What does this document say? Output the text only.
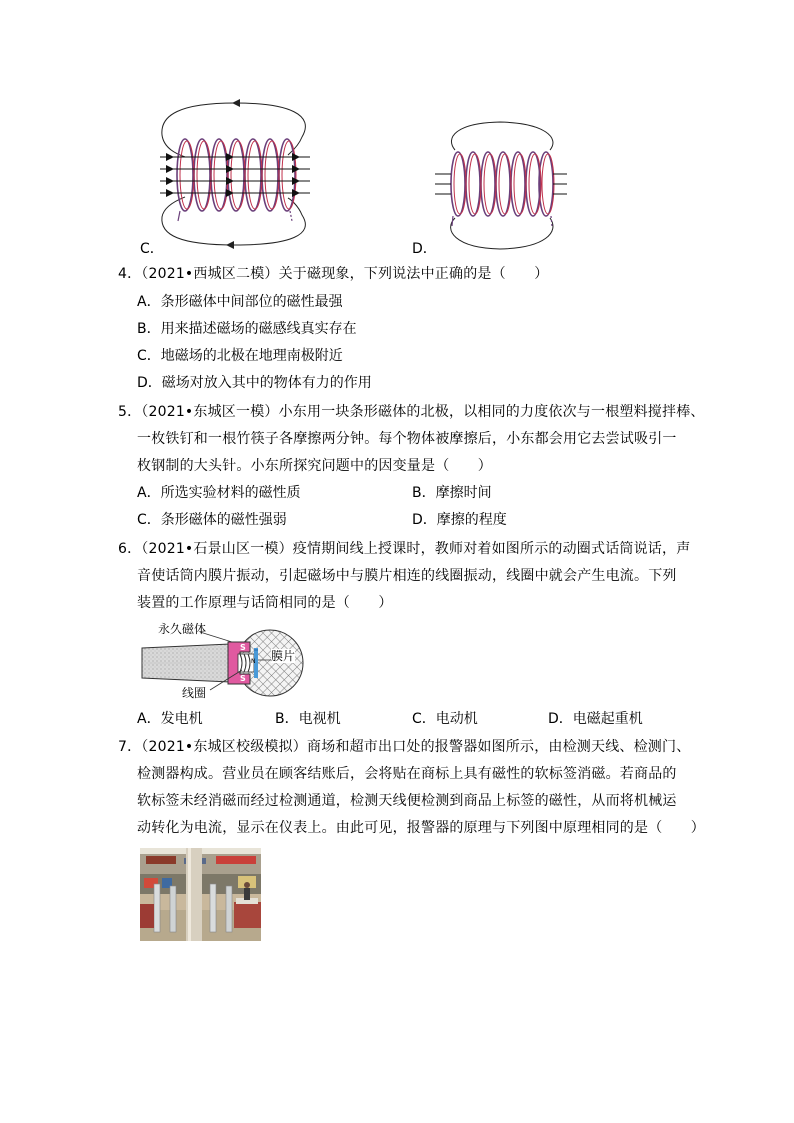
C．	D．
4．（2021•西城区二模）关于磁现象，下列说法中正确的是（　　）
A．条形磁体中间部位的磁性最强
B．用来描述磁场的磁感线真实存在
C．地磁场的北极在地理南极附近
D．磁场对放入其中的物体有力的作用
5．（2021•东城区一模）小东用一块条形磁体的北极，以相同的力度依次与一根塑料搅拌棒、
一枚铁钉和一根竹筷子各摩擦两分钟。每个物体被摩擦后，小东都会用它去尝试吸引一
枚钢制的大头针。小东所探究问题中的因变量是（　　）
A．所选实验材料的磁性质	B．摩擦时间
C．条形磁体的磁性强弱	D．摩擦的程度
6．（2021•石景山区一模）疫情期间线上授课时，教师对着如图所示的动圈式话筒说话，声
音使话筒内膜片振动，引起磁场中与膜片相连的线圈振动，线圈中就会产生电流。下列
装置的工作原理与话筒相同的是（　　）
永久磁体
膜片
线圈
S
N
S
A．发电机	B．电视机	C．电动机	D．电磁起重机
7．（2021•东城区校级模拟）商场和超市出口处的报警器如图所示，由检测天线、检测门、
检测器构成。营业员在顾客结账后，会将贴在商标上具有磁性的软标签消磁。若商品的
软标签未经消磁而经过检测通道，检测天线便检测到商品上标签的磁性，从而将机械运
动转化为电流，显示在仪表上。由此可见，报警器的原理与下列图中原理相同的是（　　）
